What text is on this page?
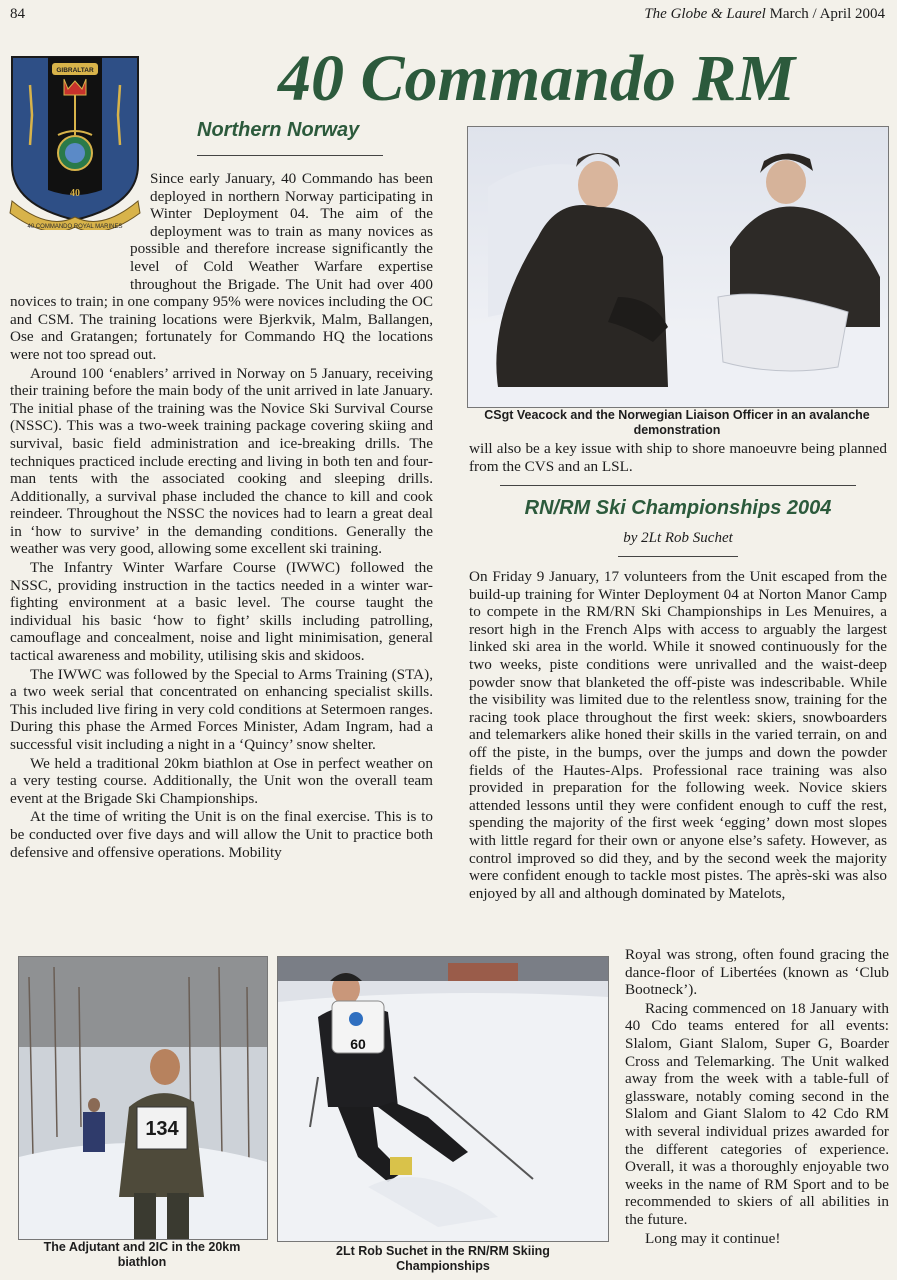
84	The Globe & Laurel March / April 2004
GIBRALTAR
40
40 COMMANDO ROYAL MARINES
40 Commando RM
Northern Norway

Since early January, 40 Commando has been deployed in northern Norway participating in Winter Deployment 04. The aim of the deployment was to train as many novices as possible and therefore increase significantly the level of Cold Weather Warfare expertise throughout the Brigade. The Unit had over 400 novices to train; in one company 95% were novices including the OC and CSM. The training locations were Bjerkvik, Malm, Ballangen, Ose and Gratangen; fortunately for Commando HQ the locations were not too spread out.

Around 100 ‘enablers’ arrived in Norway on 5 January, receiving their training before the main body of the unit arrived in late January. The initial phase of the training was the Novice Ski Survival Course (NSSC). This was a two-week training package covering skiing and survival, basic field administration and ice-breaking drills. The techniques practiced include erecting and living in both ten and four-man tents with the associated cooking and sleeping drills. Additionally, a survival phase included the chance to kill and cook reindeer. Throughout the NSSC the novices had to learn a great deal in ‘how to survive’ in the demanding conditions. Generally the weather was very good, allowing some excellent ski training.

The Infantry Winter Warfare Course (IWWC) followed the NSSC, providing instruction in the tactics needed in a winter war-fighting environment at a basic level. The course taught the individual his basic ‘how to fight’ skills including patrolling, camouflage and concealment, noise and light minimisation, general tactical awareness and mobility, utilising skis and skidoos.

The IWWC was followed by the Special to Arms Training (STA), a two week serial that concentrated on enhancing specialist skills. This included live firing in very cold conditions at Setermoen ranges. During this phase the Armed Forces Minister, Adam Ingram, had a successful visit including a night in a ‘Quincy’ snow shelter.

We held a traditional 20km biathlon at Ose in perfect weather on a very testing course. Additionally, the Unit won the overall team event at the Brigade Ski Championships.

At the time of writing the Unit is on the final exercise. This is to be conducted over five days and will allow the Unit to practice both defensive and offensive operations. Mobility

CSgt Veacock and the Norwegian Liaison Officer in an avalanche demonstration

will also be a key issue with ship to shore manoeuvre being planned from the CVS and an LSL.

RN/RM Ski Championships 2004
by 2Lt Rob Suchet

On Friday 9 January, 17 volunteers from the Unit escaped from the build-up training for Winter Deployment 04 at Norton Manor Camp to compete in the RM/RN Ski Championships in Les Menuires, a resort high in the French Alps with access to arguably the largest linked ski area in the world. While it snowed continuously for the two weeks, piste conditions were unrivalled and the waist-deep powder snow that blanketed the off-piste was indescribable. While the visibility was limited due to the relentless snow, training for the racing took place throughout the first week: skiers, snowboarders and telemarkers alike honed their skills in the varied terrain, on and off the piste, in the bumps, over the jumps and down the powder fields of the Hautes-Alps. Professional race training was also provided in preparation for the following week. Novice skiers attended lessons until they were confident enough to cuff the rest, spending the majority of the first week ‘egging’ down most slopes with little regard for their own or anyone else’s safety. However, as control improved so did they, and by the second week the majority were confident enough to tackle most pistes. The après-ski was also enjoyed by all and although dominated by Matelots,

Royal was strong, often found gracing the dance-floor of Libertées (known as ‘Club Bootneck’).

Racing commenced on 18 January with 40 Cdo teams entered for all events: Slalom, Giant Slalom, Super G, Boarder Cross and Telemarking. The Unit walked away from the week with a table-full of glassware, notably coming second in the Slalom and Giant Slalom to 42 Cdo RM with several individual prizes awarded for the different categories of experience. Overall, it was a thoroughly enjoyable two weeks in the name of RM Sport and to be recommended to skiers of all abilities in the future.

Long may it continue!

134
The Adjutant and 2IC in the 20km biathlon
60
2Lt Rob Suchet in the RN/RM Skiing Championships
